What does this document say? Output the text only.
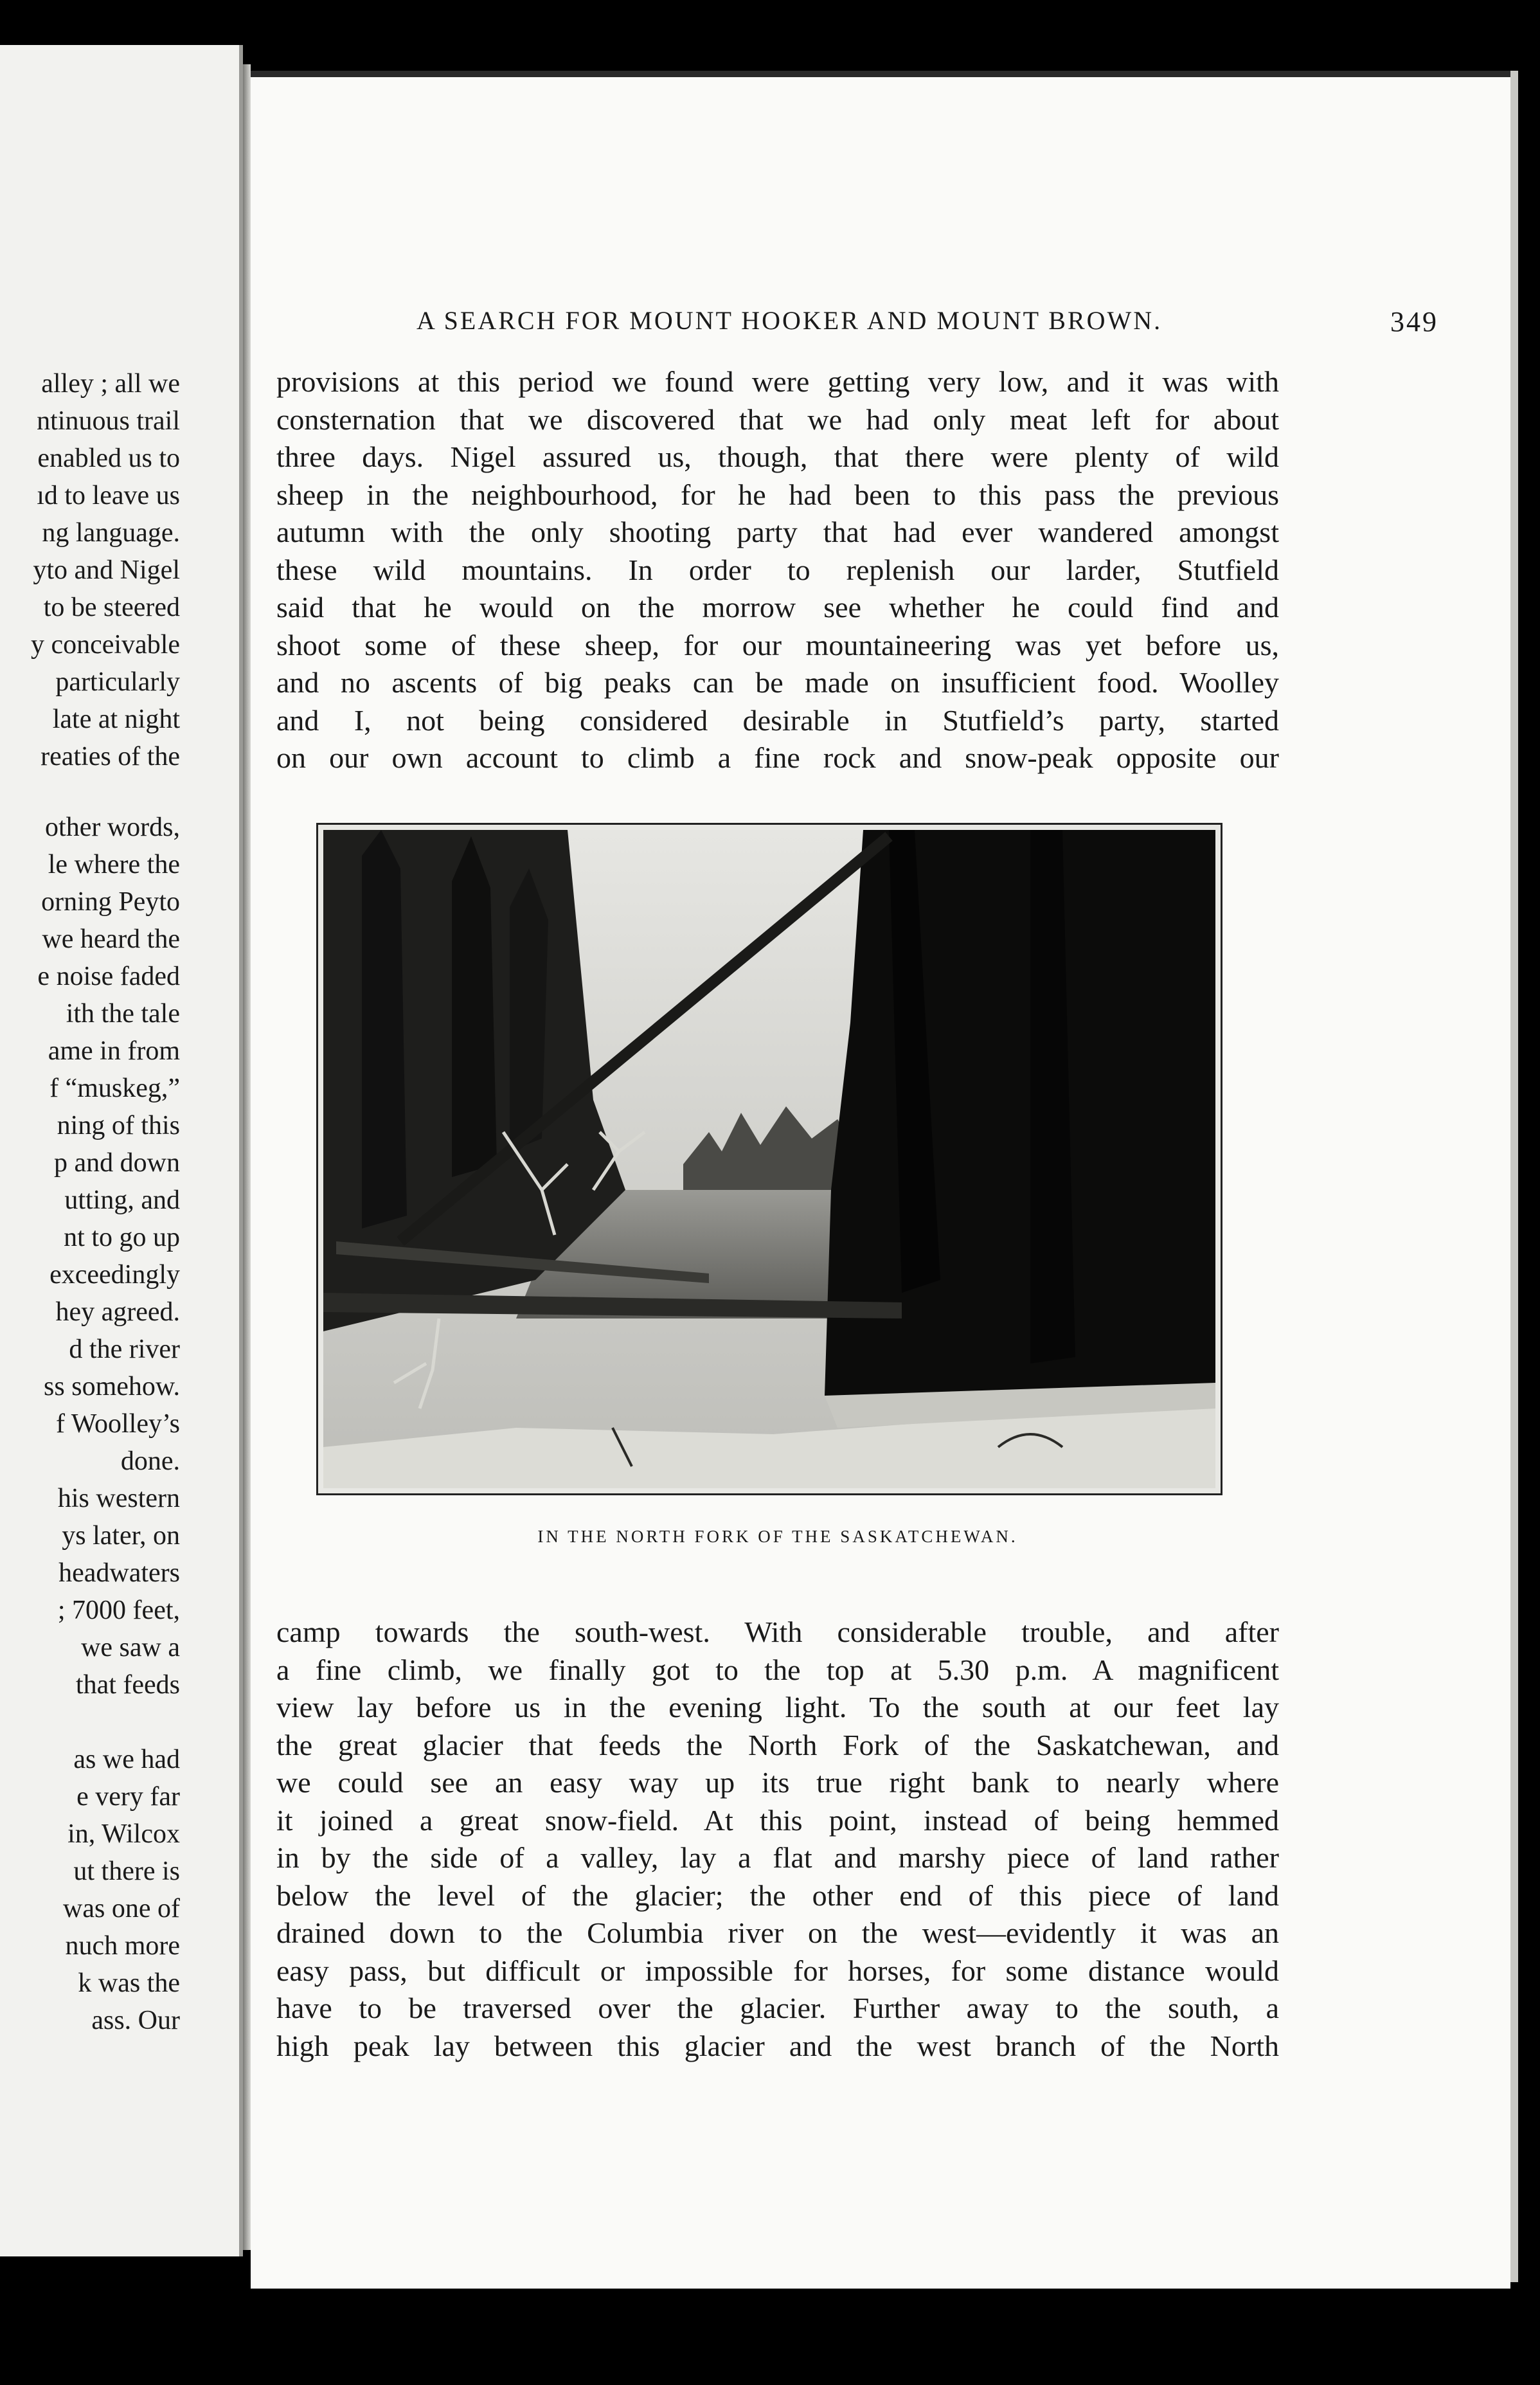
alley ; all we
ntinuous trail
enabled us to
ıd to leave us
ng language.
yto and Nigel
to be steered
y conceivable
particularly
late at night
reaties of the
other words,
le where the
orning Peyto
we heard the
e noise faded
ith the tale
ame in from
f “muskeg,”
ning of this
p and down
utting, and
nt to go up
exceedingly
hey agreed.
d the river
ss somehow.
f Woolley’s
done.
his western
ys later, on
headwaters
; 7000 feet,
we saw a
that feeds
as we had
e very far
in, Wilcox
ut there is
was one of
nuch more
k was the
ass. Our
A SEARCH FOR MOUNT HOOKER AND MOUNT BROWN.	349
provisions at this period we found were getting very low, and it was with
consternation that we discovered that we had only meat left for about
three days. Nigel assured us, though, that there were plenty of wild
sheep in the neighbourhood, for he had been to this pass the previous
autumn with the only shooting party that had ever wandered amongst
these wild mountains. In order to replenish our larder, Stutfield
said that he would on the morrow see whether he could find and
shoot some of these sheep, for our mountaineering was yet before us,
and no ascents of big peaks can be made on insufficient food. Woolley
and I, not being considered desirable in Stutfield’s party, started
on our own account to climb a fine rock and snow-peak opposite our
IN THE NORTH FORK OF THE SASKATCHEWAN.
camp towards the south-west. With considerable trouble, and after
a fine climb, we finally got to the top at 5.30 p.m. A magnificent
view lay before us in the evening light. To the south at our feet lay
the great glacier that feeds the North Fork of the Saskatchewan, and
we could see an easy way up its true right bank to nearly where
it joined a great snow-field. At this point, instead of being hemmed
in by the side of a valley, lay a flat and marshy piece of land rather
below the level of the glacier; the other end of this piece of land
drained down to the Columbia river on the west—evidently it was an
easy pass, but difficult or impossible for horses, for some distance would
have to be traversed over the glacier. Further away to the south, a
high peak lay between this glacier and the west branch of the North
